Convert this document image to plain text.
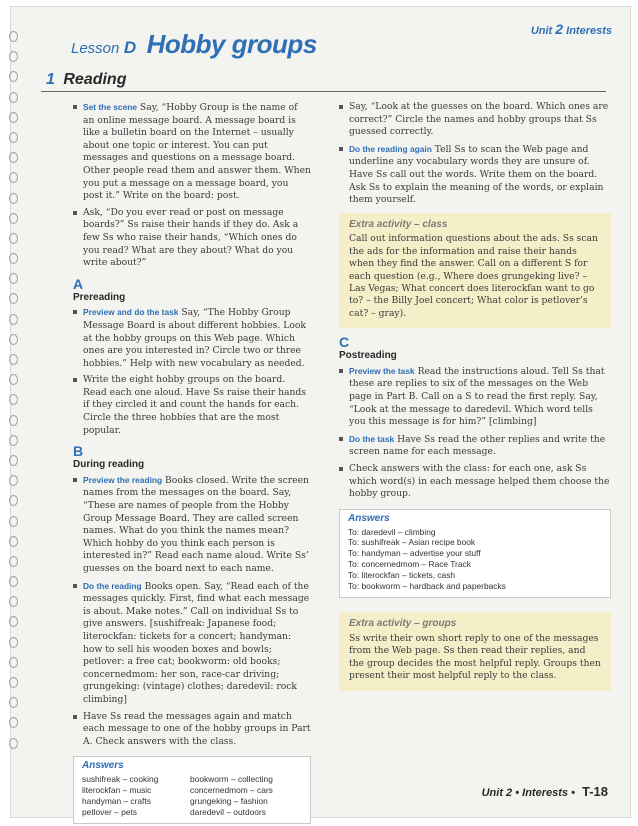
Unit 2 Interests
Lesson D Hobby groups
1 Reading
Set the scene Say, “Hobby Group is the name of an online message board. A message board is like a bulletin board on the Internet – usually about one topic or interest. You can put messages and questions on a message board. Other people read them and answer them. When you put a message on a message board, you post it.” Write on the board: post.
Ask, “Do you ever read or post on message boards?” Ss raise their hands if they do. Ask a few Ss who raise their hands, “Which ones do you read? What are they about? What do you write about?”
A
Prereading
Preview and do the task Say, “The Hobby Group Message Board is about different hobbies. Look at the hobby groups on this Web page. Which ones are you interested in? Circle two or three hobbies.” Help with new vocabulary as needed.
Write the eight hobby groups on the board. Read each one aloud. Have Ss raise their hands if they circled it and count the hands for each. Circle the three hobbies that are the most popular.
B
During reading
Preview the reading Books closed. Write the screen names from the messages on the board. Say, “These are names of people from the Hobby Group Message Board. They are called screen names. What do you think the names mean? Which hobby do you think each person is interested in?” Read each name aloud. Write Ss’ guesses on the board next to each name.
Do the reading Books open. Say, “Read each of the messages quickly. First, find what each message is about. Make notes.” Call on individual Ss to give answers. [sushifreak: Japanese food; literockfan: tickets for a concert; handyman: how to sell his wooden boxes and bowls; petlover: a free cat; bookworm: old books; concernedmom: her son, race-car driving; grungeking: (vintage) clothes; daredevil: rock climbing]
Have Ss read the messages again and match each message to one of the hobby groups in Part A. Check answers with the class.
Answers
sushifreak – cooking
literockfan – music
handyman – crafts
petlover – pets
bookworm – collecting
concernedmom – cars
grungeking – fashion
daredevil – outdoors
Say, “Look at the guesses on the board. Which ones are correct?” Circle the names and hobby groups that Ss guessed correctly.
Do the reading again Tell Ss to scan the Web page and underline any vocabulary words they are unsure of. Have Ss call out the words. Write them on the board. Ask Ss to explain the meaning of the words, or explain them yourself.
Extra activity – class

Call out information questions about the ads. Ss scan the ads for the information and raise their hands when they find the answer. Call on a different S for each question (e.g., Where does grungeking live? – Las Vegas; What concert does literockfan want to go to? – the Billy Joel concert; What color is petlover’s cat? – gray).

C
Postreading
Preview the task Read the instructions aloud. Tell Ss that these are replies to six of the messages on the Web page in Part B. Call on a S to read the first reply. Say, “Look at the message to daredevil. Which word tells you this message is for him?” [climbing]
Do the task Have Ss read the other replies and write the screen name for each message.
Check answers with the class: for each one, ask Ss which word(s) in each message helped them choose the hobby group.
Answers
To: daredevil – climbing
To: sushifreak – Asian recipe book
To: handyman – advertise your stuff
To: concernedmom – Race Track
To: literockfan – tickets, cash
To: bookworm – hardback and paperbacks
Extra activity – groups

Ss write their own short reply to one of the messages from the Web page. Ss then read their replies, and the group decides the most helpful reply. Groups then present their most helpful reply to the class.

Unit 2 • Interests • T-18
